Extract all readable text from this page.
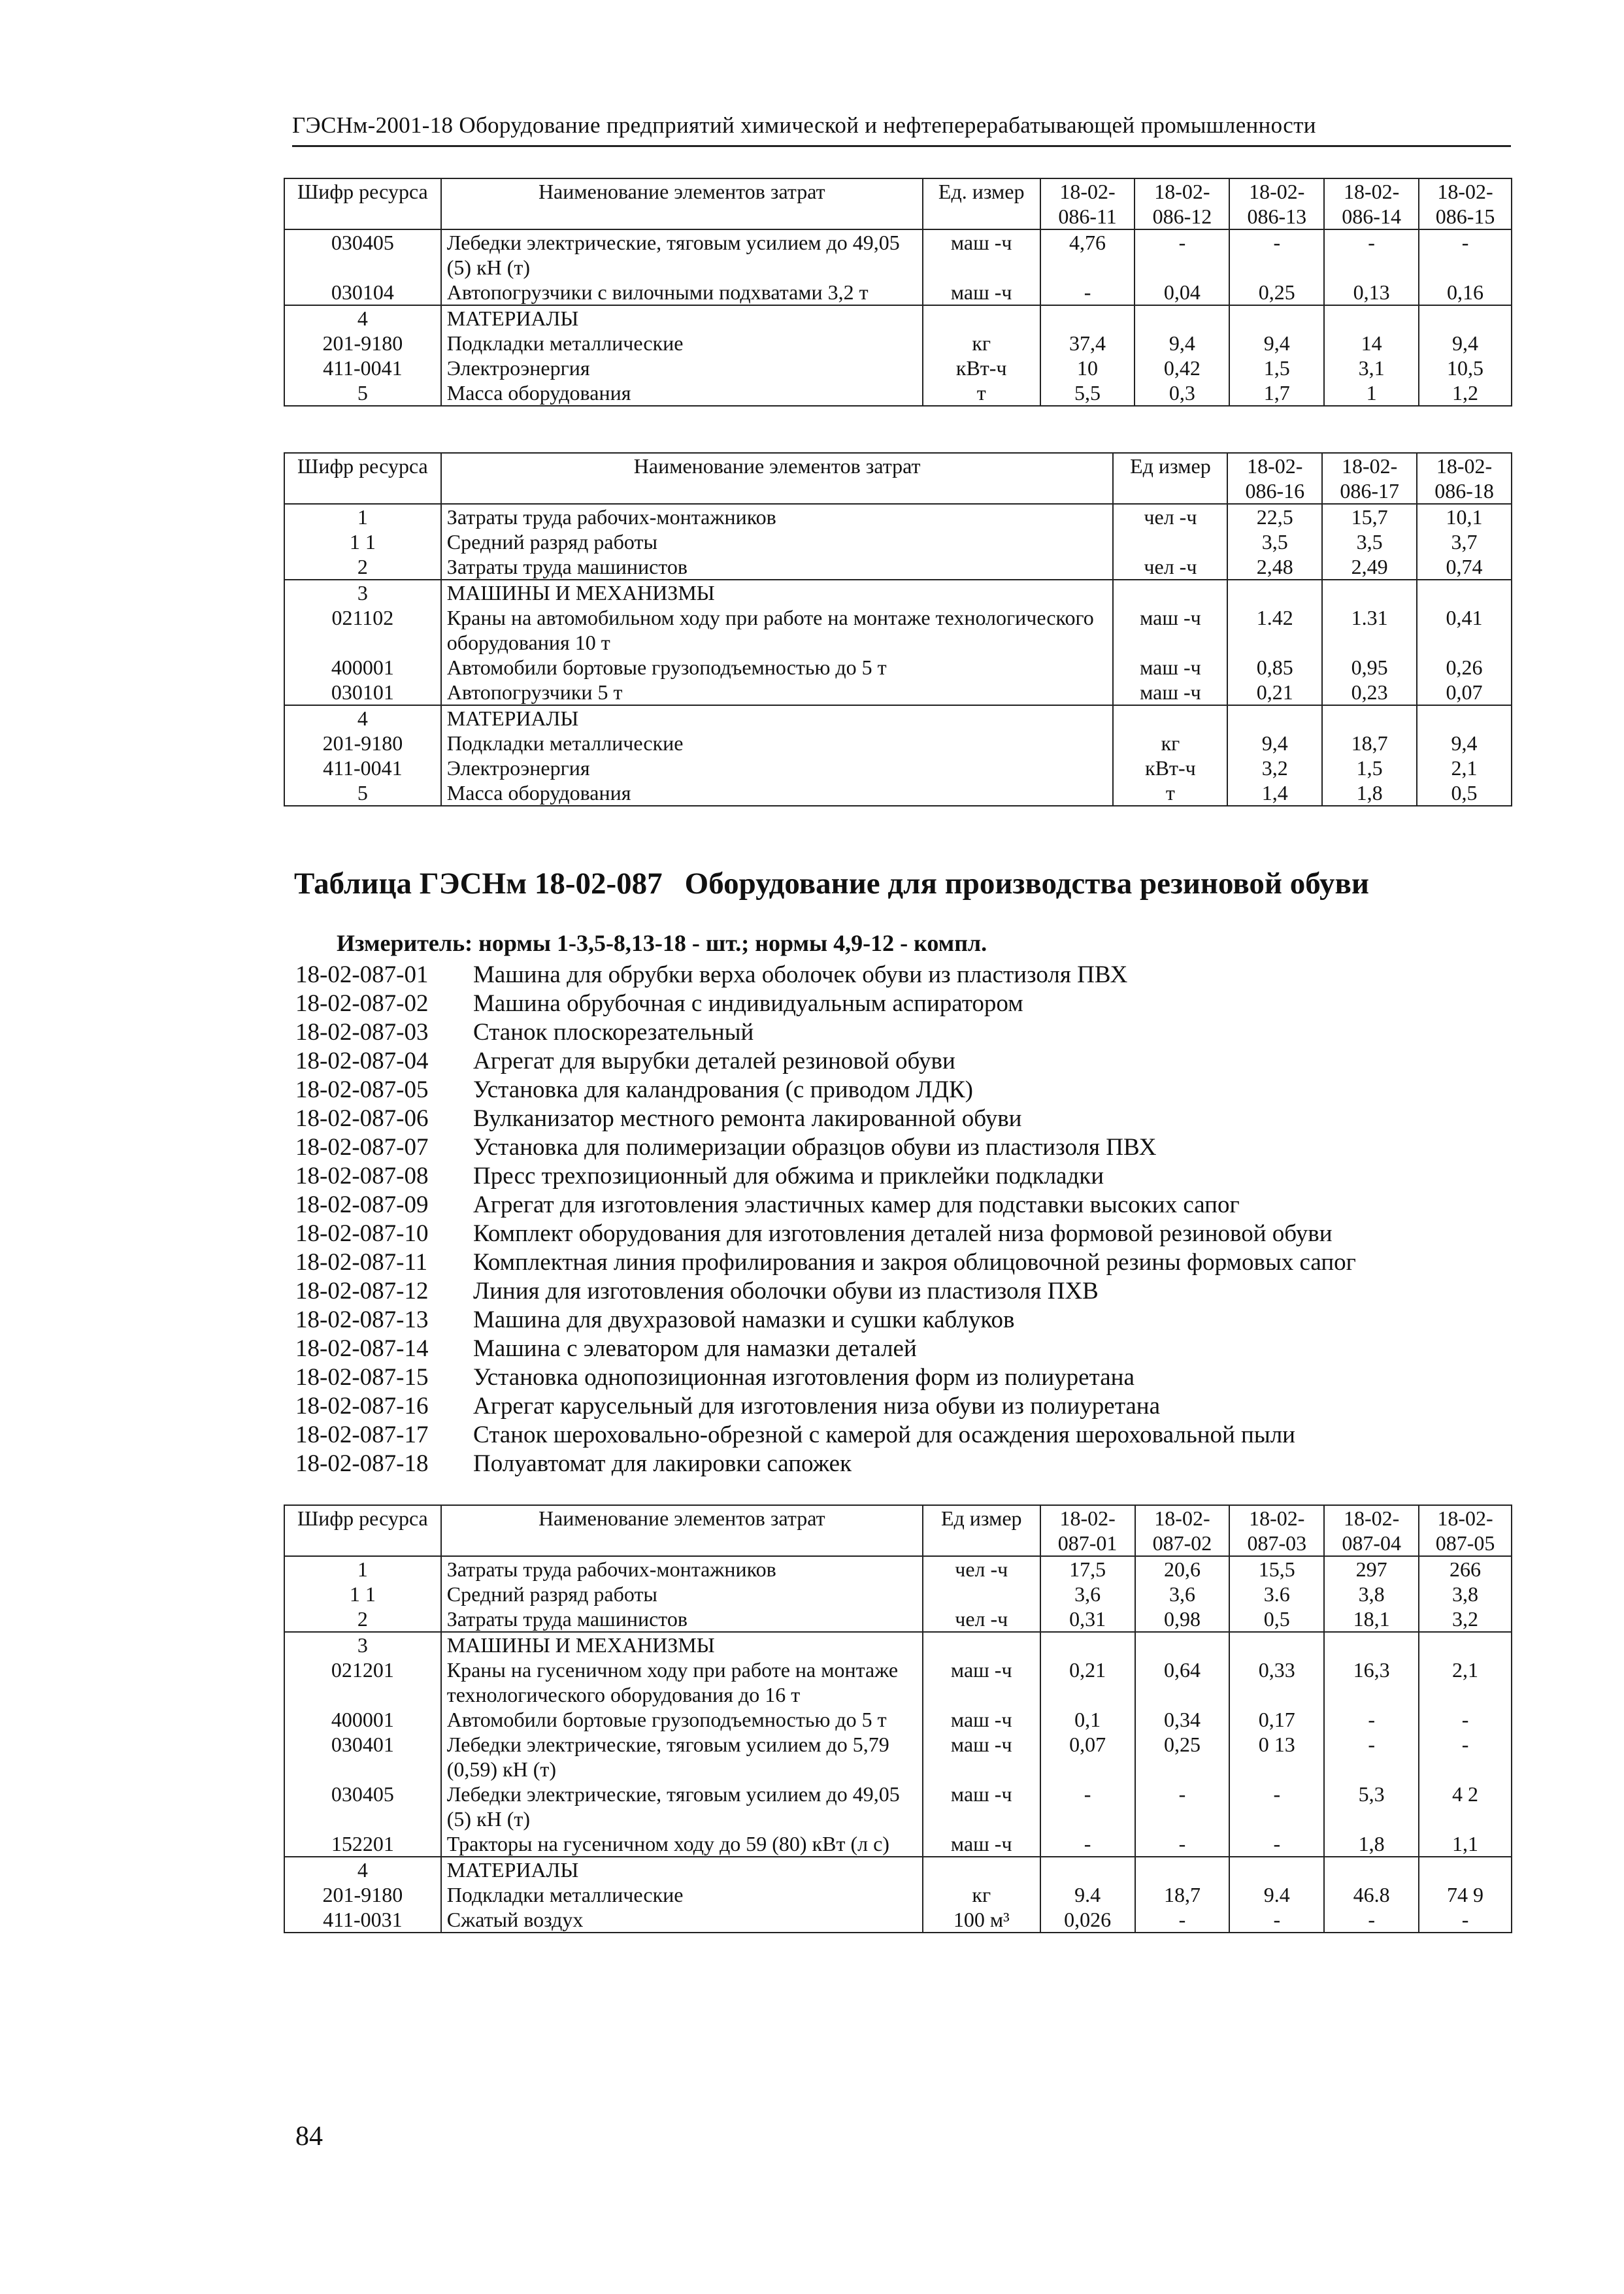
ГЭСНм-2001-18 Оборудование предприятий химической и нефтеперерабатывающей промышленности
Шифр ресурса	Наименование элементов затрат	Ед. измер	18-02-086-11	18-02-086-12	18-02-086-13	18-02-086-14	18-02-086-15
030405	Лебедки электрические, тяговым усилием до 49,05 (5) кН (т)	маш -ч	4,76	-	-	-	-
030104	Автопогрузчики с вилочными подхватами 3,2 т	маш -ч	-	0,04	0,25	0,13	0,16
4	МАТЕРИАЛЫ						
201-9180	Подкладки металлические	кг	37,4	9,4	9,4	14	9,4
411-0041	Электроэнергия	кВт-ч	10	0,42	1,5	3,1	10,5
5	Масса оборудования	т	5,5	0,3	1,7	1	1,2
Шифр ресурса	Наименование элементов затрат	Ед измер	18-02-086-16	18-02-086-17	18-02-086-18
1	Затраты труда рабочих-монтажников	чел -ч	22,5	15,7	10,1
1 1	Средний разряд работы		3,5	3,5	3,7
2	Затраты труда машинистов	чел -ч	2,48	2,49	0,74
3	МАШИНЫ И МЕХАНИЗМЫ				
021102	Краны на автомобильном ходу при работе на монтаже технологического оборудования 10 т	маш -ч	1.42	1.31	0,41
400001	Автомобили бортовые грузоподъемностью до 5 т	маш -ч	0,85	0,95	0,26
030101	Автопогрузчики 5 т	маш -ч	0,21	0,23	0,07
4	МАТЕРИАЛЫ				
201-9180	Подкладки металлические	кг	9,4	18,7	9,4
411-0041	Электроэнергия	кВт-ч	3,2	1,5	2,1
5	Масса оборудования	т	1,4	1,8	0,5
Таблица ГЭСНм 18-02-087 Оборудование для производства резиновой обуви
Измеритель: нормы 1-3,5-8,13-18 - шт.; нормы 4,9-12 - компл.
18-02-087-01	Машина для обрубки верха оболочек обуви из пластизоля ПВХ
18-02-087-02	Машина обрубочная с индивидуальным аспиратором
18-02-087-03	Станок плоскорезательный
18-02-087-04	Агрегат для вырубки деталей резиновой обуви
18-02-087-05	Установка для каландрования (с приводом ЛДК)
18-02-087-06	Вулканизатор местного ремонта лакированной обуви
18-02-087-07	Установка для полимеризации образцов обуви из пластизоля ПВХ
18-02-087-08	Пресс трехпозиционный для обжима и приклейки подкладки
18-02-087-09	Агрегат для изготовления эластичных камер для подставки высоких сапог
18-02-087-10	Комплект оборудования для изготовления деталей низа формовой резиновой обуви
18-02-087-11	Комплектная линия профилирования и закроя облицовочной резины формовых сапог
18-02-087-12	Линия для изготовления оболочки обуви из пластизоля ПХВ
18-02-087-13	Машина для двухразовой намазки и сушки каблуков
18-02-087-14	Машина с элеватором для намазки деталей
18-02-087-15	Установка однопозиционная изготовления форм из полиуретана
18-02-087-16	Агрегат карусельный для изготовления низа обуви из полиуретана
18-02-087-17	Станок шероховально-обрезной с камерой для осаждения шероховальной пыли
18-02-087-18	Полуавтомат для лакировки сапожек
Шифр ресурса	Наименование элементов затрат	Ед измер	18-02-087-01	18-02-087-02	18-02-087-03	18-02-087-04	18-02-087-05
1	Затраты труда рабочих-монтажников	чел -ч	17,5	20,6	15,5	297	266
1 1	Средний разряд работы		3,6	3,6	3.6	3,8	3,8
2	Затраты труда машинистов	чел -ч	0,31	0,98	0,5	18,1	3,2
3	МАШИНЫ И МЕХАНИЗМЫ						
021201	Краны на гусеничном ходу при работе на монтаже технологического оборудования до 16 т	маш -ч	0,21	0,64	0,33	16,3	2,1
400001	Автомобили бортовые грузоподъемностью до 5 т	маш -ч	0,1	0,34	0,17	-	-
030401	Лебедки электрические, тяговым усилием до 5,79 (0,59) кН (т)	маш -ч	0,07	0,25	0 13	-	-
030405	Лебедки электрические, тяговым усилием до 49,05 (5) кН (т)	маш -ч	-	-	-	5,3	4 2
152201	Тракторы на гусеничном ходу до 59 (80) кВт (л с)	маш -ч	-	-	-	1,8	1,1
4	МАТЕРИАЛЫ						
201-9180	Подкладки металлические	кг	9.4	18,7	9.4	46.8	74 9
411-0031	Сжатый воздух	100 м³	0,026	-	-	-	-
84
